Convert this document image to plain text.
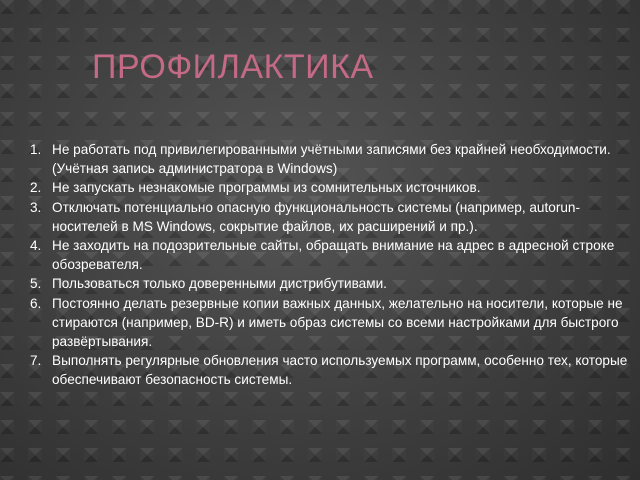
ПРОФИЛАКТИКА
1. Не работать под привилегированными учётными записями без крайней необходимости. (Учётная запись администратора в Windows)
2. Не запускать незнакомые программы из сомнительных источников.
3. Отключать потенциально опасную функциональность системы (например, autorun-носителей в MS Windows, сокрытие файлов, их расширений и пр.).
4. Не заходить на подозрительные сайты, обращать внимание на адрес в адресной строке обозревателя.
5. Пользоваться только доверенными дистрибутивами.
6. Постоянно делать резервные копии важных данных, желательно на носители, которые не стираются (например, BD-R) и иметь образ системы со всеми настройками для быстрого развёртывания.
7. Выполнять регулярные обновления часто используемых программ, особенно тех, которые обеспечивают безопасность системы.
